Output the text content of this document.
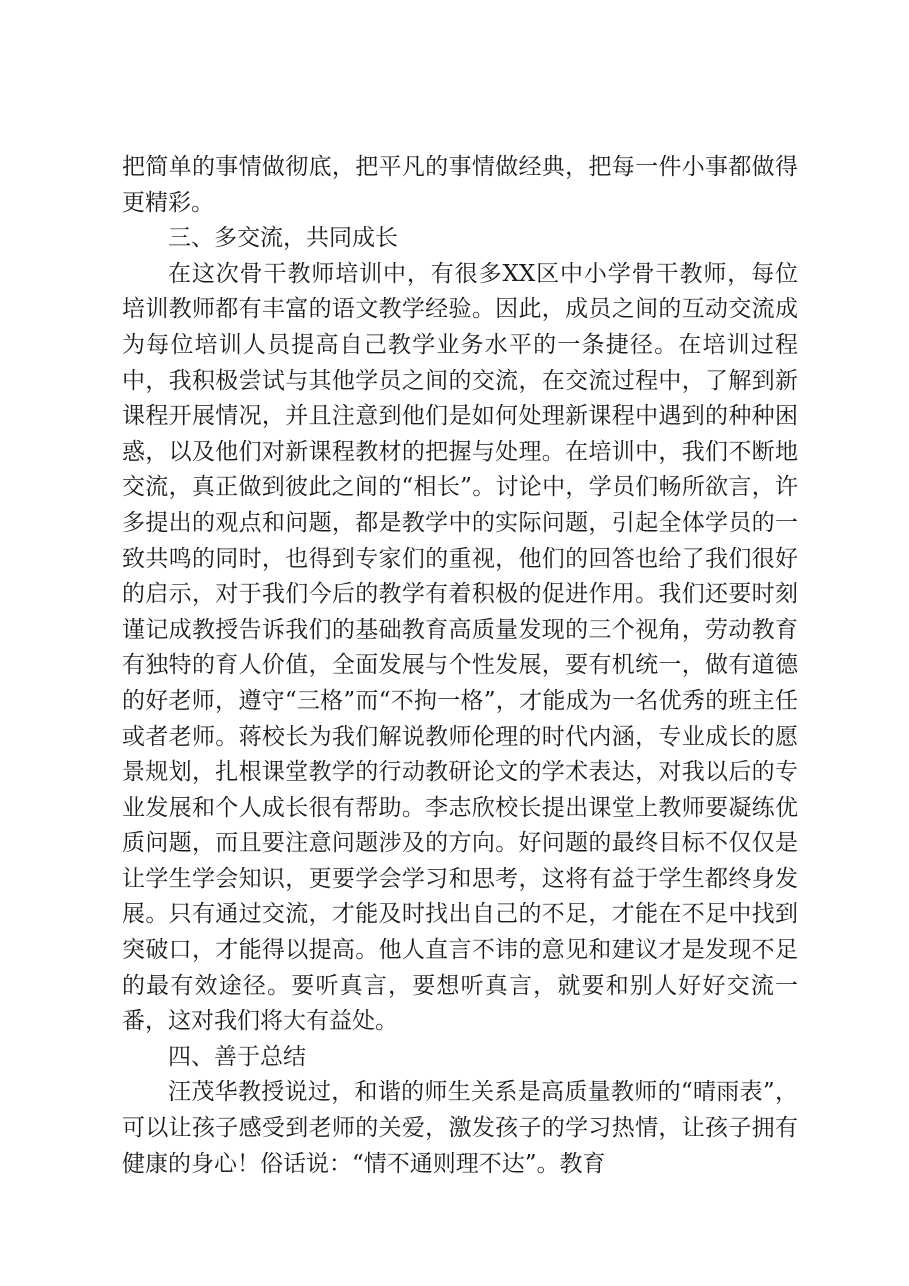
把简单的事情做彻底，把平凡的事情做经典，把每一件小事都做得更精彩。

三、多交流，共同成长

在这次骨干教师培训中，有很多XX区中小学骨干教师，每位培训教师都有丰富的语文教学经验。因此，成员之间的互动交流成为每位培训人员提高自己教学业务水平的一条捷径。在培训过程中，我积极尝试与其他学员之间的交流，在交流过程中，了解到新课程开展情况，并且注意到他们是如何处理新课程中遇到的种种困惑，以及他们对新课程教材的把握与处理。在培训中，我们不断地交流，真正做到彼此之间的“相长”。讨论中，学员们畅所欲言，许多提出的观点和问题，都是教学中的实际问题，引起全体学员的一致共鸣的同时，也得到专家们的重视，他们的回答也给了我们很好的启示，对于我们今后的教学有着积极的促进作用。我们还要时刻谨记成教授告诉我们的基础教育高质量发现的三个视角，劳动教育有独特的育人价值，全面发展与个性发展，要有机统一，做有道德的好老师，遵守“三格”而“不拘一格”，才能成为一名优秀的班主任或者老师。蒋校长为我们解说教师伦理的时代内涵，专业成长的愿景规划，扎根课堂教学的行动教研论文的学术表达，对我以后的专业发展和个人成长很有帮助。李志欣校长提出课堂上教师要凝练优质问题，而且要注意问题涉及的方向。好问题的最终目标不仅仅是让学生学会知识，更要学会学习和思考，这将有益于学生都终身发展。只有通过交流，才能及时找出自己的不足，才能在不足中找到突破口，才能得以提高。他人直言不讳的意见和建议才是发现不足的最有效途径。要听真言，要想听真言，就要和别人好好交流一番，这对我们将大有益处。

四、善于总结

汪茂华教授说过，和谐的师生关系是高质量教师的“晴雨表”，可以让孩子感受到老师的关爱，激发孩子的学习热情，让孩子拥有健康的身心！俗话说：“情不通则理不达”。教育
